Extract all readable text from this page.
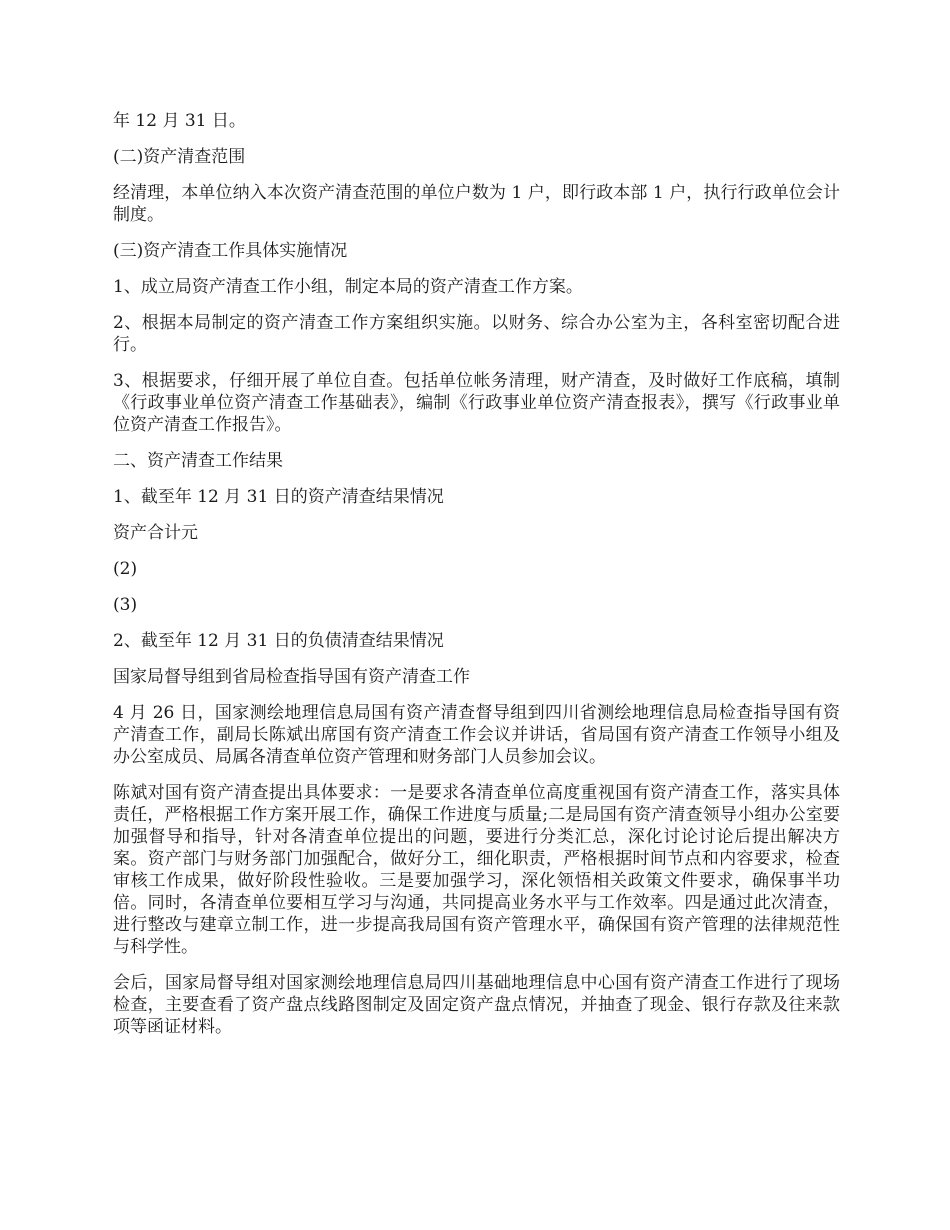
年 12 月 31 日。

(二)资产清查范围

经清理，本单位纳入本次资产清查范围的单位户数为 1 户，即行政本部 1 户，执行行政单位会计制度。

(三)资产清查工作具体实施情况

1、成立局资产清查工作小组，制定本局的资产清查工作方案。

2、根据本局制定的资产清查工作方案组织实施。以财务、综合办公室为主，各科室密切配合进行。

3、根据要求，仔细开展了单位自查。包括单位帐务清理，财产清查，及时做好工作底稿，填制《行政事业单位资产清查工作基础表》，编制《行政事业单位资产清查报表》，撰写《行政事业单位资产清查工作报告》。

二、资产清查工作结果

1、截至年 12 月 31 日的资产清查结果情况

资产合计元

(2)

(3)

2、截至年 12 月 31 日的负债清查结果情况

国家局督导组到省局检查指导国有资产清查工作

4 月 26 日，国家测绘地理信息局国有资产清查督导组到四川省测绘地理信息局检查指导国有资产清查工作，副局长陈斌出席国有资产清查工作会议并讲话，省局国有资产清查工作领导小组及办公室成员、局属各清查单位资产管理和财务部门人员参加会议。

陈斌对国有资产清查提出具体要求：一是要求各清查单位高度重视国有资产清查工作，落实具体责任，严格根据工作方案开展工作，确保工作进度与质量;二是局国有资产清查领导小组办公室要加强督导和指导，针对各清查单位提出的问题，要进行分类汇总，深化讨论讨论后提出解决方案。资产部门与财务部门加强配合，做好分工，细化职责，严格根据时间节点和内容要求，检查审核工作成果，做好阶段性验收。三是要加强学习，深化领悟相关政策文件要求，确保事半功倍。同时，各清查单位要相互学习与沟通，共同提高业务水平与工作效率。四是通过此次清查，进行整改与建章立制工作，进一步提高我局国有资产管理水平，确保国有资产管理的法律规范性与科学性。

会后，国家局督导组对国家测绘地理信息局四川基础地理信息中心国有资产清查工作进行了现场检查，主要查看了资产盘点线路图制定及固定资产盘点情况，并抽查了现金、银行存款及往来款项等函证材料。
